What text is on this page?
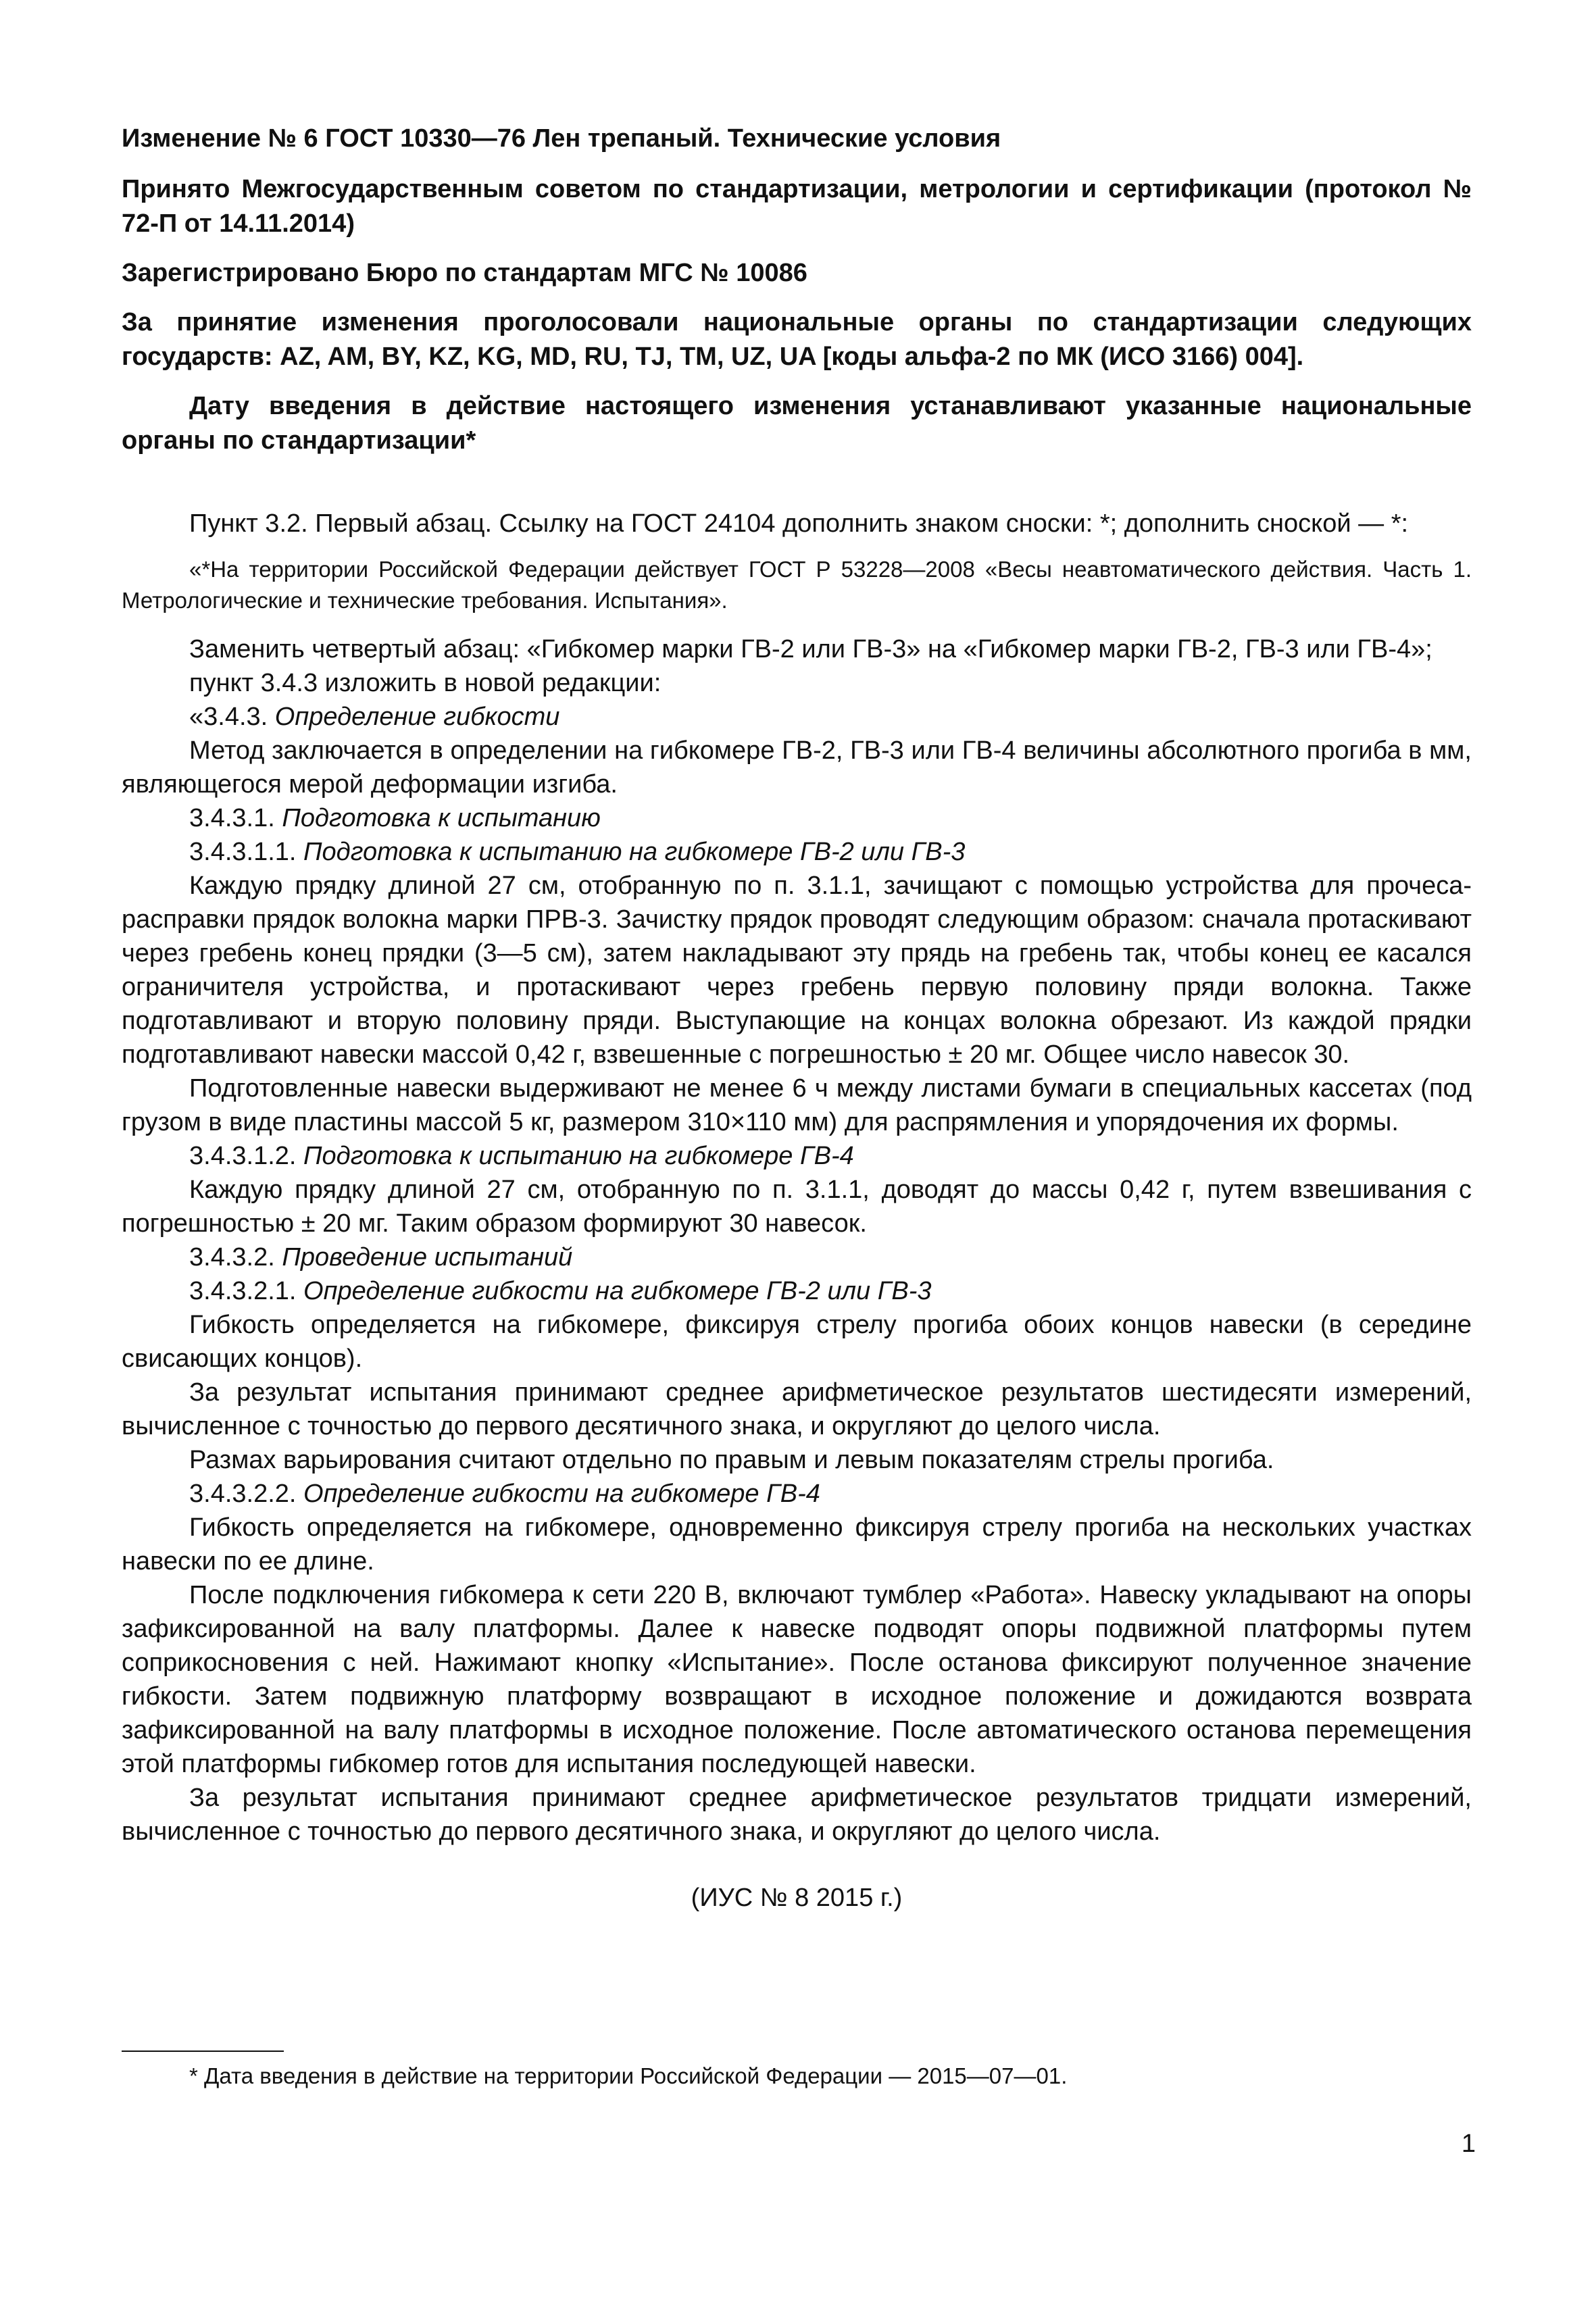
Изменение № 6 ГОСТ 10330—76 Лен трепаный. Технические условия
Принято Межгосударственным советом по стандартизации, метрологии и сертификации (протокол № 72-П от 14.11.2014)
Зарегистрировано Бюро по стандартам МГС № 10086
За принятие изменения проголосовали национальные органы по стандартизации следующих государств: AZ, AM, BY, KZ, KG, MD, RU, TJ, TM, UZ, UA [коды альфа-2 по МК (ИСО 3166) 004].
Дату введения в действие настоящего изменения устанавливают указанные национальные органы по стандартизации*

Пункт 3.2. Первый абзац. Ссылку на ГОСТ 24104 дополнить знаком сноски: *; дополнить сноской — *:

«*На территории Российской Федерации действует ГОСТ Р 53228—2008 «Весы неавтоматического действия. Часть 1. Метрологические и технические требования. Испытания».

Заменить четвертый абзац: «Гибкомер марки ГВ-2 или ГВ-3» на «Гибкомер марки ГВ-2, ГВ-3 или ГВ-4»;

пункт 3.4.3 изложить в новой редакции:

«3.4.3. Определение гибкости

Метод заключается в определении на гибкомере ГВ-2, ГВ-3 или ГВ-4 величины абсолютного прогиба в мм, являющегося мерой деформации изгиба.

3.4.3.1. Подготовка к испытанию

3.4.3.1.1. Подготовка к испытанию на гибкомере ГВ-2 или ГВ-3

Каждую прядку длиной 27 см, отобранную по п. 3.1.1, зачищают с помощью устройства для прочеса-расправки прядок волокна марки ПРВ-3. Зачистку прядок проводят следующим образом: сначала протаскивают через гребень конец прядки (3—5 см), затем накладывают эту прядь на гребень так, чтобы конец ее касался ограничителя устройства, и протаскивают через гребень первую половину пряди волокна. Также подготавливают и вторую половину пряди. Выступающие на концах волокна обрезают. Из каждой прядки подготавливают навески массой 0,42 г, взвешенные с погрешностью ± 20 мг. Общее число навесок 30.

Подготовленные навески выдерживают не менее 6 ч между листами бумаги в специальных кассетах (под грузом в виде пластины массой 5 кг, размером 310×110 мм) для распрямления и упорядочения их формы.

3.4.3.1.2. Подготовка к испытанию на гибкомере ГВ-4

Каждую прядку длиной 27 см, отобранную по п. 3.1.1, доводят до массы 0,42 г, путем взвешивания с погрешностью ± 20 мг. Таким образом формируют 30 навесок.

3.4.3.2. Проведение испытаний

3.4.3.2.1. Определение гибкости на гибкомере ГВ-2 или ГВ-3

Гибкость определяется на гибкомере, фиксируя стрелу прогиба обоих концов навески (в середине свисающих концов).

За результат испытания принимают среднее арифметическое результатов шестидесяти измерений, вычисленное с точностью до первого десятичного знака, и округляют до целого числа.

Размах варьирования считают отдельно по правым и левым показателям стрелы прогиба.

3.4.3.2.2. Определение гибкости на гибкомере ГВ-4

Гибкость определяется на гибкомере, одновременно фиксируя стрелу прогиба на нескольких участках навески по ее длине.

После подключения гибкомера к сети 220 В, включают тумблер «Работа». Навеску укладывают на опоры зафиксированной на валу платформы. Далее к навеске подводят опоры подвижной платформы путем соприкосновения с ней. Нажимают кнопку «Испытание». После останова фиксируют полученное значение гибкости. Затем подвижную платформу возвращают в исходное положение и дожидаются возврата зафиксированной на валу платформы в исходное положение. После автоматического останова перемещения этой платформы гибкомер готов для испытания последующей навески.

За результат испытания принимают среднее арифметическое результатов тридцати измерений, вычисленное с точностью до первого десятичного знака, и округляют до целого числа.

(ИУС № 8 2015 г.)

* Дата введения в действие на территории Российской Федерации — 2015—07—01.
1
